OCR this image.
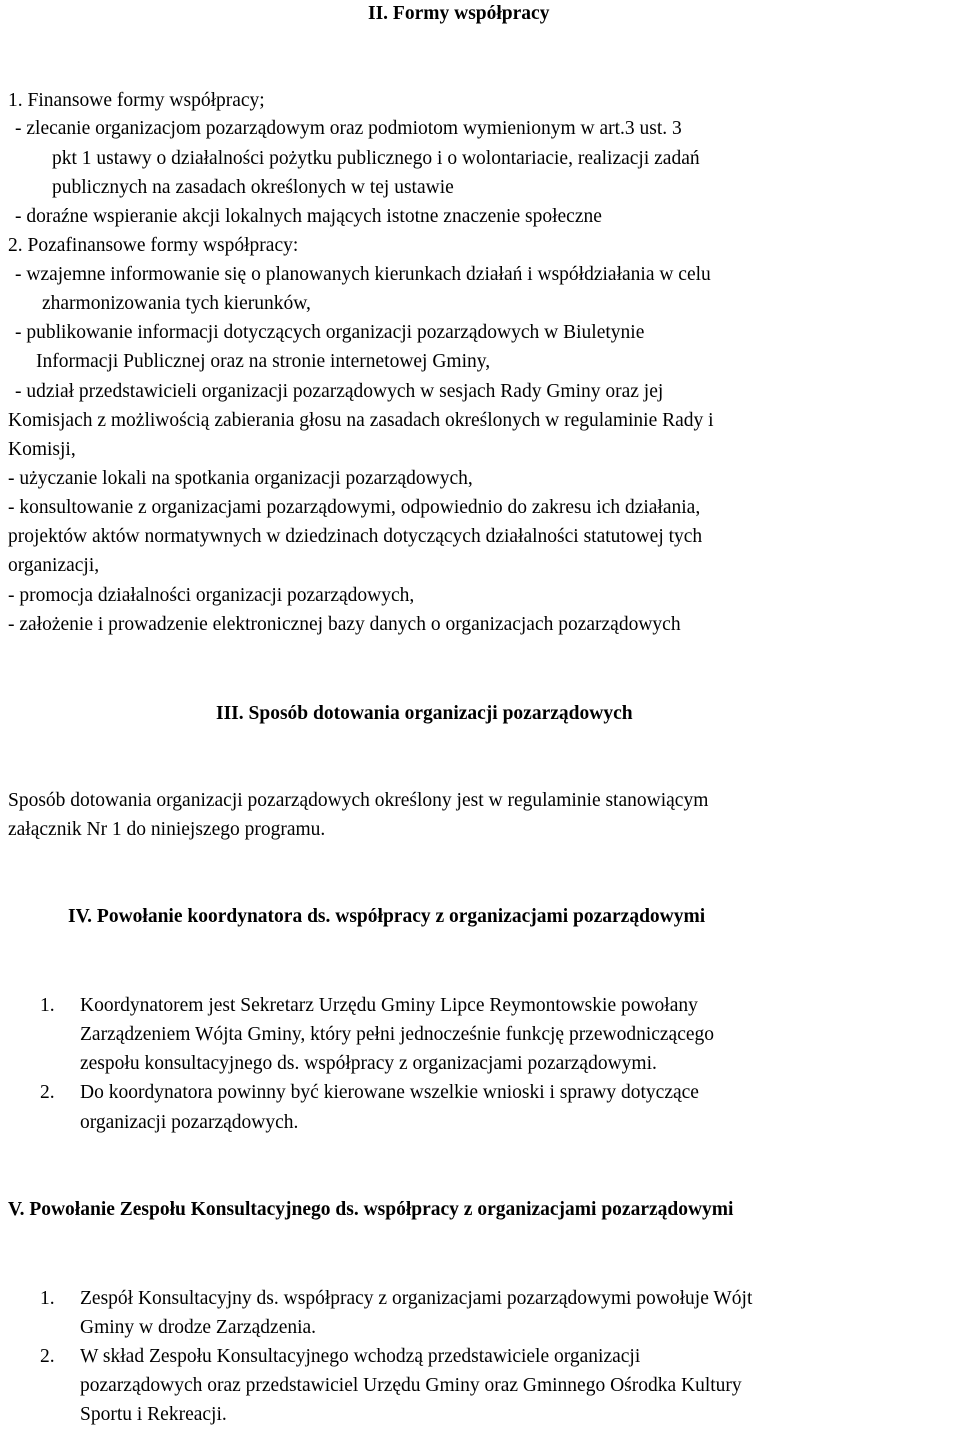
II. Formy współpracy
1. Finansowe formy współpracy;
- zlecanie organizacjom pozarządowym oraz podmiotom wymienionym w art.3 ust. 3
pkt 1 ustawy o działalności pożytku publicznego i o wolontariacie, realizacji zadań
publicznych na zasadach określonych w tej ustawie
- doraźne wspieranie akcji lokalnych mających istotne znaczenie społeczne
2. Pozafinansowe formy współpracy:
- wzajemne informowanie się o planowanych kierunkach działań i współdziałania w celu
zharmonizowania tych kierunków,
- publikowanie informacji dotyczących organizacji pozarządowych w Biuletynie
Informacji Publicznej oraz na stronie internetowej Gminy,
- udział przedstawicieli organizacji pozarządowych w sesjach Rady Gminy oraz jej
Komisjach z możliwością zabierania głosu na zasadach określonych w regulaminie Rady i
Komisji,
- użyczanie lokali na spotkania organizacji pozarządowych,
- konsultowanie z organizacjami pozarządowymi, odpowiednio do zakresu ich działania,
projektów aktów normatywnych w dziedzinach dotyczących działalności statutowej tych
organizacji,
- promocja działalności organizacji pozarządowych,
- założenie i prowadzenie elektronicznej bazy danych o organizacjach pozarządowych
III. Sposób dotowania organizacji pozarządowych
Sposób dotowania organizacji pozarządowych określony jest w regulaminie stanowiącym
załącznik Nr 1 do niniejszego programu.
IV. Powołanie koordynatora ds. współpracy z organizacjami pozarządowymi
1. Koordynatorem jest Sekretarz Urzędu Gminy Lipce Reymontowskie powołany
Zarządzeniem Wójta Gminy, który pełni jednocześnie funkcję przewodniczącego
zespołu konsultacyjnego ds. współpracy z organizacjami pozarządowymi.
2. Do koordynatora powinny być kierowane wszelkie wnioski i sprawy dotyczące
organizacji pozarządowych.
V. Powołanie Zespołu Konsultacyjnego ds. współpracy z organizacjami pozarządowymi
1. Zespół Konsultacyjny ds. współpracy z organizacjami pozarządowymi powołuje Wójt
Gminy w drodze Zarządzenia.
2. W skład Zespołu Konsultacyjnego wchodzą przedstawiciele organizacji
pozarządowych oraz przedstawiciel Urzędu Gminy oraz Gminnego Ośrodka Kultury
Sportu i Rekreacji.
